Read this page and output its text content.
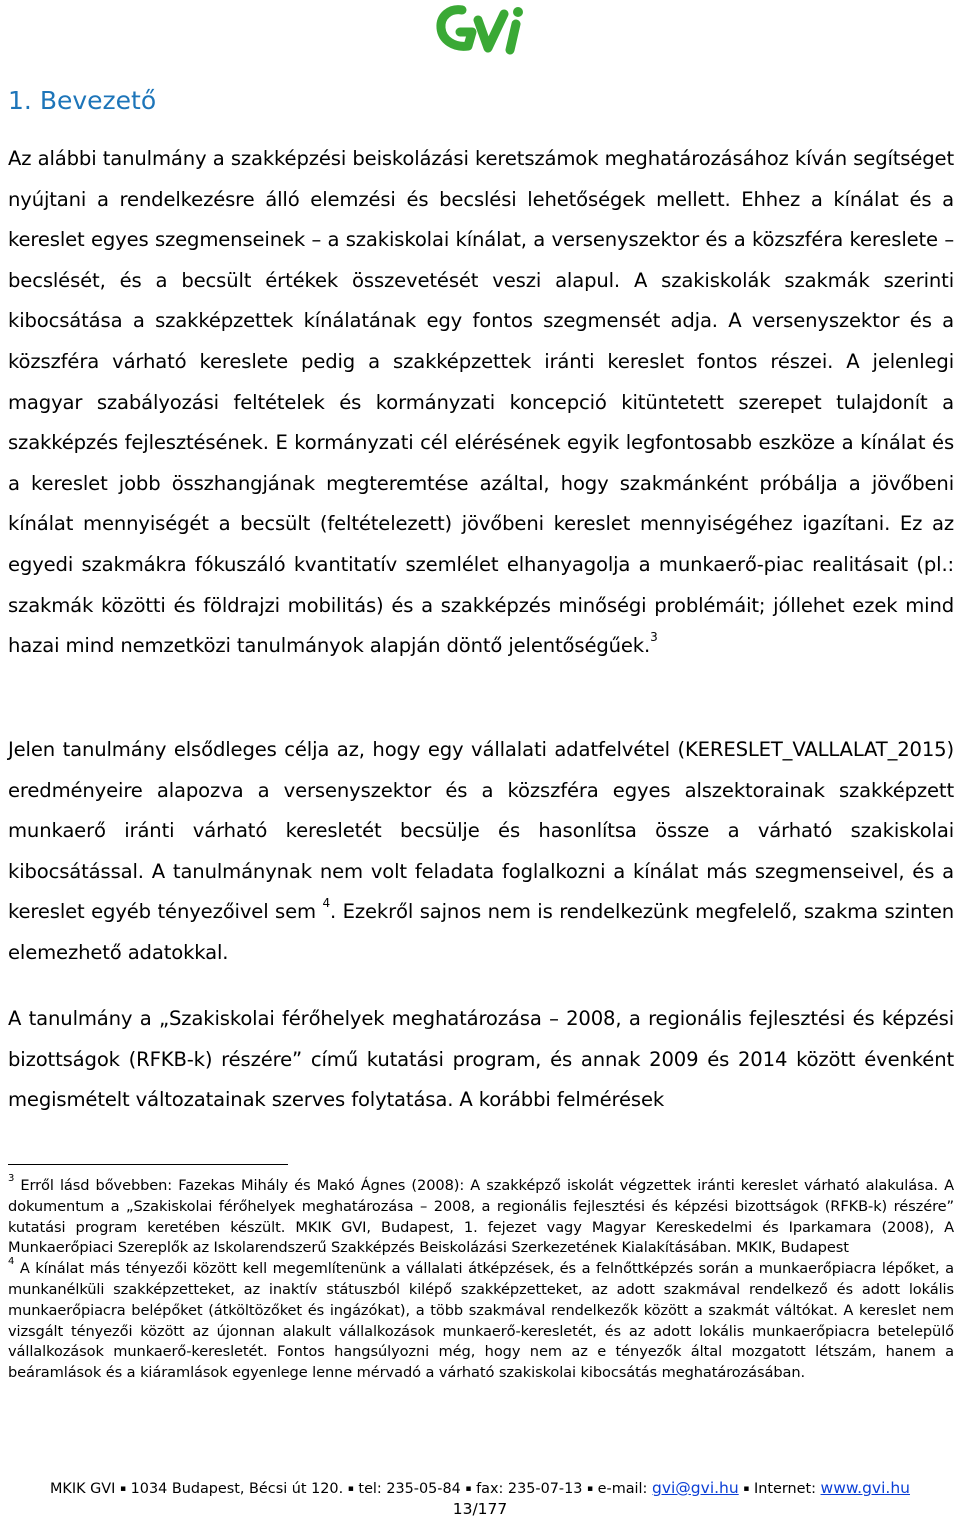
1. Bevezető

Az alábbi tanulmány a szakképzési beiskolázási keretszámok meghatározásához kíván segítséget nyújtani a rendelkezésre álló elemzési és becslési lehetőségek mellett. Ehhez a kínálat és a kereslet egyes szegmenseinek – a szakiskolai kínálat, a versenyszektor és a közszféra kereslete – becslését, és a becsült értékek összevetését veszi alapul. A szakiskolák szakmák szerinti kibocsátása a szakképzettek kínálatának egy fontos szegmensét adja. A versenyszektor és a közszféra várható kereslete pedig a szakképzettek iránti kereslet fontos részei. A jelenlegi magyar szabályozási feltételek és kormányzati koncepció kitüntetett szerepet tulajdonít a szakképzés fejlesztésének. E kormányzati cél elérésének egyik legfontosabb eszköze a kínálat és a kereslet jobb összhangjának megteremtése azáltal, hogy szakmánként próbálja a jövőbeni kínálat mennyiségét a becsült (feltételezett) jövőbeni kereslet mennyiségéhez igazítani. Ez az egyedi szakmákra fókuszáló kvantitatív szemlélet elhanyagolja a munkaerő-piac realitásait (pl.: szakmák közötti és földrajzi mobilitás) és a szakképzés minőségi problémáit; jóllehet ezek mind hazai mind nemzetközi tanulmányok alapján döntő jelentőségűek.$^3$

Jelen tanulmány elsődleges célja az, hogy egy vállalati adatfelvétel (KERESLET_VALLALAT_2015) eredményeire alapozva a versenyszektor és a közszféra egyes alszektorainak szakképzett munkaerő iránti várható keresletét becsülje és hasonlítsa össze a várható szakiskolai kibocsátással. A tanulmánynak nem volt feladata foglalkozni a kínálat más szegmenseivel, és a kereslet egyéb tényezőivel sem $^4$. Ezekről sajnos nem is rendelkezünk megfelelő, szakma szinten elemezhető adatokkal.

A tanulmány a „Szakiskolai férőhelyek meghatározása – 2008, a regionális fejlesztési és képzési bizottságok (RFKB-k) részére” című kutatási program, és annak 2009 és 2014 között évenként megismételt változatainak szerves folytatása. A korábbi felmérések

$^3$ Erről lásd bővebben: Fazekas Mihály és Makó Ágnes (2008): A szakképző iskolát végzettek iránti kereslet várható alakulása. A dokumentum a „Szakiskolai férőhelyek meghatározása – 2008, a regionális fejlesztési és képzési bizottságok (RFKB-k) részére” kutatási program keretében készült. MKIK GVI, Budapest, 1. fejezet vagy Magyar Kereskedelmi és Iparkamara (2008), A Munkaerőpiaci Szereplők az Iskolarendszerű Szakképzés Beiskolázási Szerkezetének Kialakításában. MKIK, Budapest

$^4$ A kínálat más tényezői között kell megemlítenünk a vállalati átképzések, és a felnőttképzés során a munkaerőpiacra lépőket, a munkanélküli szakképzetteket, az inaktív státuszból kilépő szakképzetteket, az adott szakmával rendelkező és adott lokális munkaerőpiacra belépőket (átköltözőket és ingázókat), a több szakmával rendelkezők között a szakmát váltókat. A kereslet nem vizsgált tényezői között az újonnan alakult vállalkozások munkaerő-keresletét, és az adott lokális munkaerőpiacra betelepülő vállalkozások munkaerő-keresletét. Fontos hangsúlyozni még, hogy nem az e tényezők által mozgatott létszám, hanem a beáramlások és a kiáramlások egyenlege lenne mérvadó a várható szakiskolai kibocsátás meghatározásában.

MKIK GVI ▪ 1034 Budapest, Bécsi út 120. ▪ tel: 235-05-84 ▪ fax: 235-07-13 ▪ e-mail: gvi@gvi.hu ▪ Internet: www.gvi.hu
13/177
